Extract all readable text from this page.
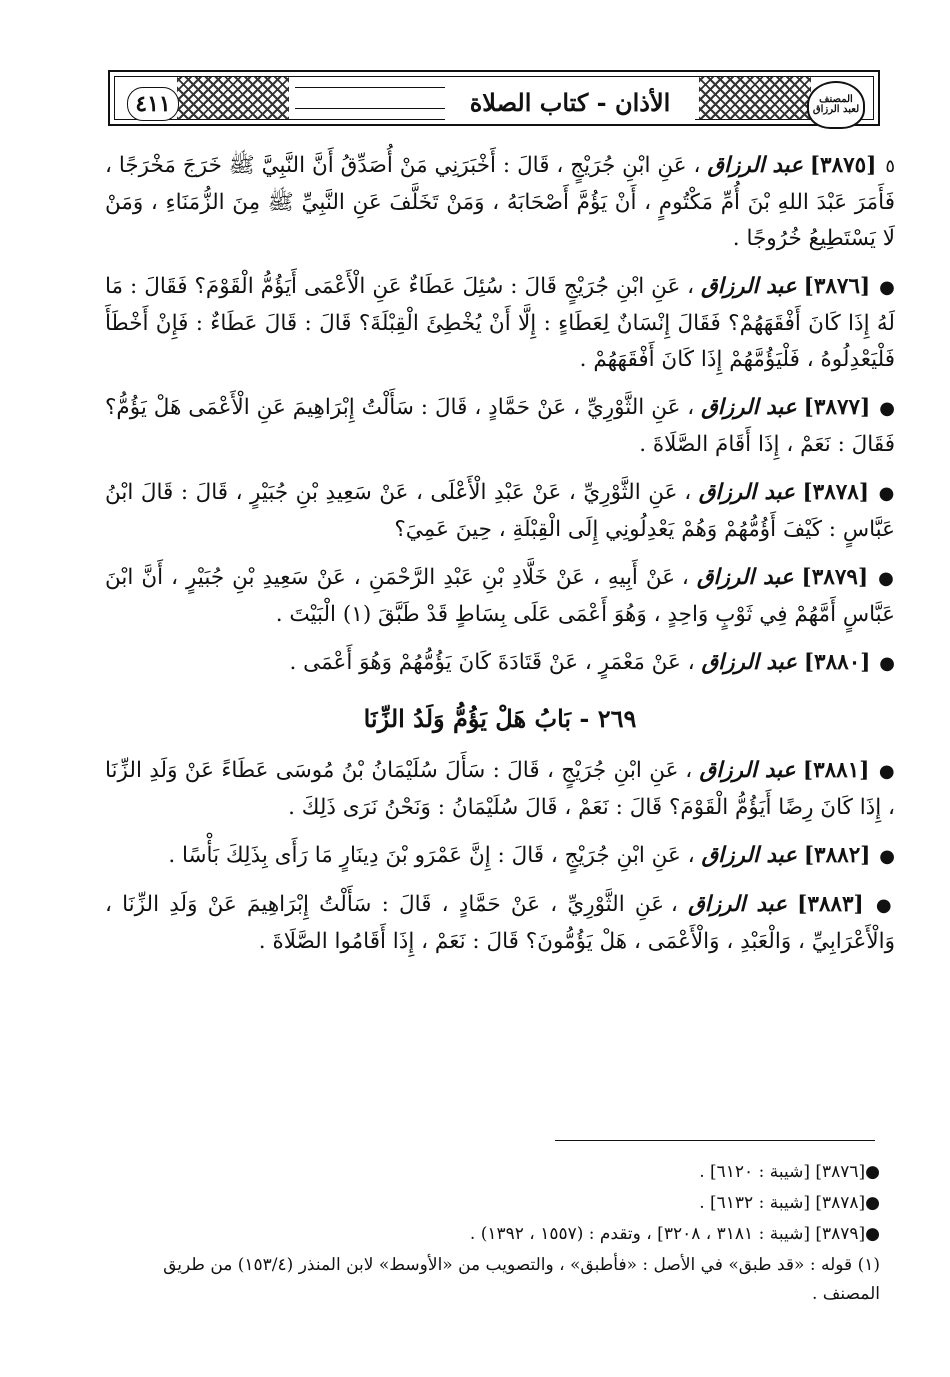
٤١١	الأذان - كتاب الصلاة	المصنف
لعبد الرزاق

٥ [٣٨٧٥] عبد الرزاق ، عَنِ ابْنِ جُرَيْجٍ ، قَالَ : أَخْبَرَنِي مَنْ أُصَدِّقُ أَنَّ النَّبِيَّ ﷺ خَرَجَ مَخْرَجًا ، فَأَمَرَ عَبْدَ اللهِ بْنَ أُمِّ مَكْتُومٍ ، أَنْ يَؤُمَّ أَصْحَابَهُ ، وَمَنْ تَخَلَّفَ عَنِ النَّبِيِّ ﷺ مِنَ الزُّمَنَاءِ ، وَمَنْ لَا يَسْتَطِيعُ خُرُوجًا .

● [٣٨٧٦] عبد الرزاق ، عَنِ ابْنِ جُرَيْجٍ قَالَ : سُئِلَ عَطَاءٌ عَنِ الْأَعْمَى أَيَؤُمُّ الْقَوْمَ؟ فَقَالَ : مَا لَهُ إِذَا كَانَ أَفْقَهَهُمْ؟ فَقَالَ إِنْسَانٌ لِعَطَاءٍ : إِلَّا أَنْ يُخْطِئَ الْقِبْلَةَ؟ قَالَ : قَالَ عَطَاءٌ : فَإِنْ أَخْطَأَ فَلْيَعْدِلُوهُ ، فَلْيَؤُمَّهُمْ إِذَا كَانَ أَفْقَهَهُمْ .

● [٣٨٧٧] عبد الرزاق ، عَنِ الثَّوْرِيِّ ، عَنْ حَمَّادٍ ، قَالَ : سَأَلْتُ إِبْرَاهِيمَ عَنِ الْأَعْمَى هَلْ يَؤُمُّ؟ فَقَالَ : نَعَمْ ، إِذَا أَقَامَ الصَّلَاةَ .

● [٣٨٧٨] عبد الرزاق ، عَنِ الثَّوْرِيِّ ، عَنْ عَبْدِ الْأَعْلَى ، عَنْ سَعِيدِ بْنِ جُبَيْرٍ ، قَالَ : قَالَ ابْنُ عَبَّاسٍ : كَيْفَ أَؤُمُّهُمْ وَهُمْ يَعْدِلُونِي إِلَى الْقِبْلَةِ ، حِينَ عَمِيَ؟

● [٣٨٧٩] عبد الرزاق ، عَنْ أَبِيهِ ، عَنْ خَلَّادِ بْنِ عَبْدِ الرَّحْمَنِ ، عَنْ سَعِيدِ بْنِ جُبَيْرٍ ، أَنَّ ابْنَ عَبَّاسٍ أَمَّهُمْ فِي ثَوْبٍ وَاحِدٍ ، وَهُوَ أَعْمَى عَلَى بِسَاطٍ قَدْ طَبَّقَ (١) الْبَيْتَ .

● [٣٨٨٠] عبد الرزاق ، عَنْ مَعْمَرٍ ، عَنْ قَتَادَةَ كَانَ يَؤُمُّهُمْ وَهُوَ أَعْمَى .

٢٦٩ - بَابُ هَلْ يَؤُمُّ وَلَدُ الزِّنَا

● [٣٨٨١] عبد الرزاق ، عَنِ ابْنِ جُرَيْجٍ ، قَالَ : سَأَلَ سُلَيْمَانُ بْنُ مُوسَى عَطَاءً عَنْ وَلَدِ الزِّنَا ، إِذَا كَانَ رِضًا أَيَؤُمُّ الْقَوْمَ؟ قَالَ : نَعَمْ ، قَالَ سُلَيْمَانُ : وَنَحْنُ نَرَى ذَلِكَ .

● [٣٨٨٢] عبد الرزاق ، عَنِ ابْنِ جُرَيْجٍ ، قَالَ : إِنَّ عَمْرَو بْنَ دِينَارٍ مَا رَأَى بِذَلِكَ بَأْسًا .

● [٣٨٨٣] عبد الرزاق ، عَنِ الثَّوْرِيِّ ، عَنْ حَمَّادٍ ، قَالَ : سَأَلْتُ إِبْرَاهِيمَ عَنْ وَلَدِ الزِّنَا ، وَالْأَعْرَابِيِّ ، وَالْعَبْدِ ، وَالْأَعْمَى ، هَلْ يَؤُمُّونَ؟ قَالَ : نَعَمْ ، إِذَا أَقَامُوا الصَّلَاةَ .

●[٣٨٧٦] [شيبة : ٦١٢٠] .

●[٣٨٧٨] [شيبة : ٦١٣٢] .

●[٣٨٧٩] [شيبة : ٣١٨١ ، ٣٢٠٨] ، وتقدم : (١٥٥٧ ، ١٣٩٢) .

(١) قوله : «قد طبق» في الأصل : «فأطبق» ، والتصويب من «الأوسط» لابن المنذر (١٥٣/٤) من طريق المصنف .
